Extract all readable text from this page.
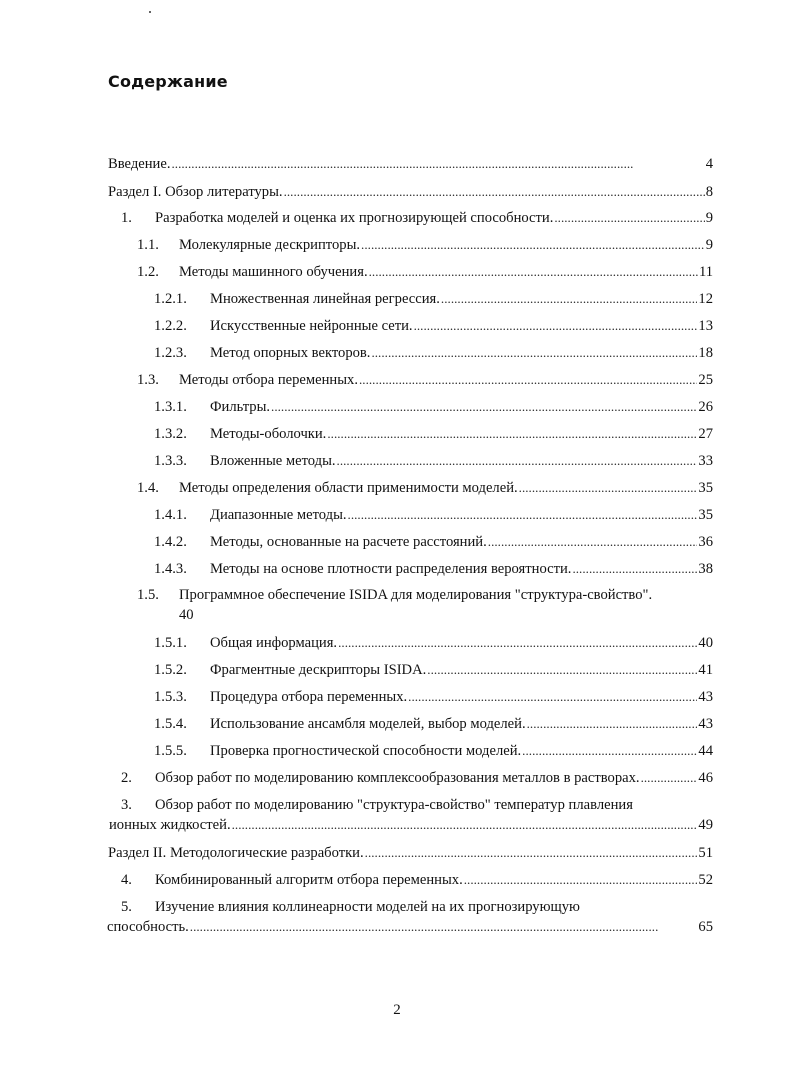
Содержание
Введение. . . .	4
Раздел I. Обзор литературы. . . .	8
1.	Разработка моделей и оценка их прогнозирующей способности. . . .	9
1.1.	Молекулярные дескрипторы. . . .	9
1.2.	Методы машинного обучения. . . .	11
1.2.1.	Множественная линейная регрессия. . . .	12
1.2.2.	Искусственные нейронные сети. . . .	13
1.2.3.	Метод опорных векторов. . . .	18
1.3.	Методы отбора переменных. . . .	25
1.3.1.	Фильтры. . . .	26
1.3.2.	Методы-оболочки. . . .	27
1.3.3.	Вложенные методы. . . .	33
1.4.	Методы определения области применимости моделей. . . .	35
1.4.1.	Диапазонные методы. . . .	35
1.4.2.	Методы, основанные на расчете расстояний. . . .	36
1.4.3.	Методы на основе плотности распределения вероятности. . . .	38
1.5. Программное обеспечение ISIDA для моделирования "структура-свойство".
40
1.5.1.	Общая информация. . . .	40
1.5.2.	Фрагментные дескрипторы ISIDA. . . .	41
1.5.3.	Процедура отбора переменных. . . .	43
1.5.4.	Использование ансамбля моделей, выбор моделей. . . .	43
1.5.5.	Проверка прогностической способности моделей. . . .	44
2.	Обзор работ по моделированию комплексообразования металлов в растворах. . . .	46
3. Обзор работ по моделированию "структура-свойство" температур плавления
ионных жидкостей. . . .	49
Раздел II. Методологические разработки. . . .	51
4.	Комбинированный алгоритм отбора переменных. . . .	52
5. Изучение влияния коллинеарности моделей на их прогнозирующую
способность. . . .	65

2
